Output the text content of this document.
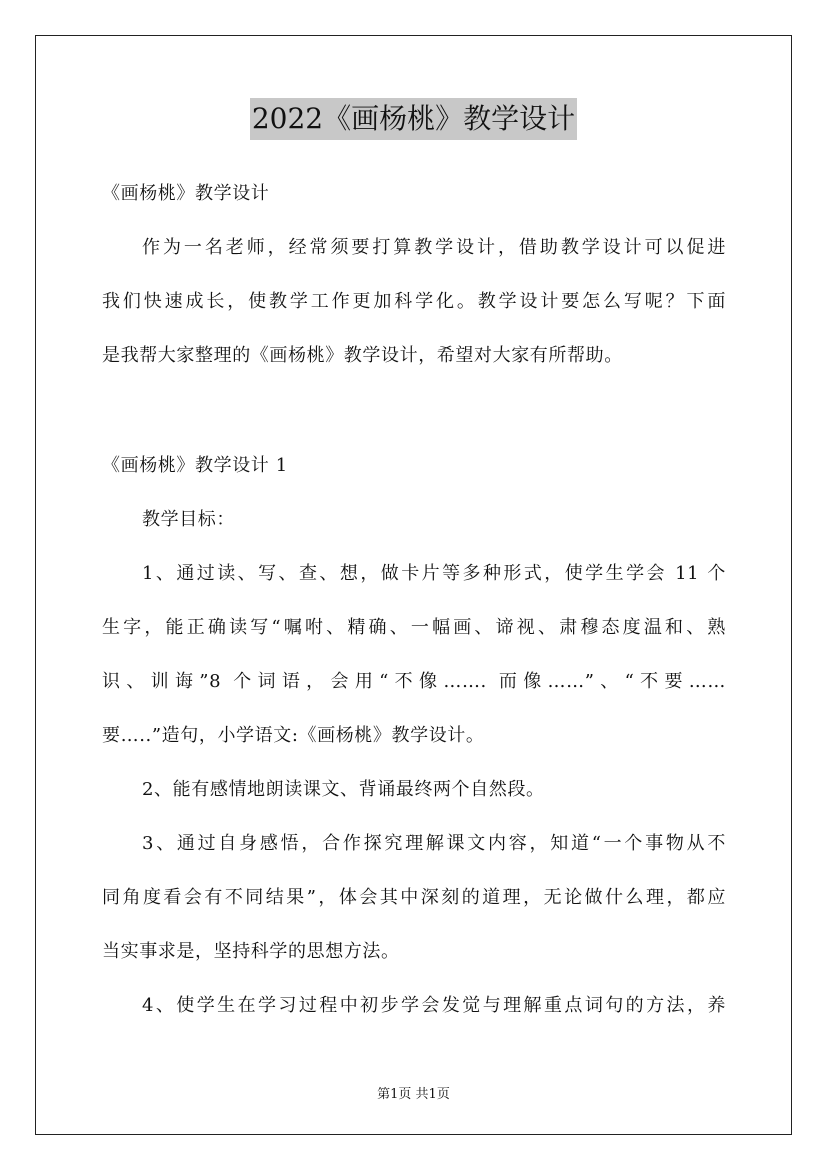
2022《画杨桃》教学设计
《画杨桃》教学设计
作为一名老师，经常须要打算教学设计，借助教学设计可以促进
我们快速成长，使教学工作更加科学化。教学设计要怎么写呢？下面
是我帮大家整理的《画杨桃》教学设计，希望对大家有所帮助。
《画杨桃》教学设计 1
教学目标：
1、通过读、写、查、想，做卡片等多种形式，使学生学会 11 个
生字，能正确读写“嘱咐、精确、一幅画、谛视、肃穆态度温和、熟
识、训诲”8 个词语，会用“不像……. 而像……”、“不要……
要…..”造句，小学语文:《画杨桃》教学设计。
2、能有感情地朗读课文、背诵最终两个自然段。
3、通过自身感悟，合作探究理解课文内容，知道“一个事物从不
同角度看会有不同结果”，体会其中深刻的道理，无论做什么理，都应
当实事求是，坚持科学的思想方法。
4、使学生在学习过程中初步学会发觉与理解重点词句的方法，养
第1页 共1页
